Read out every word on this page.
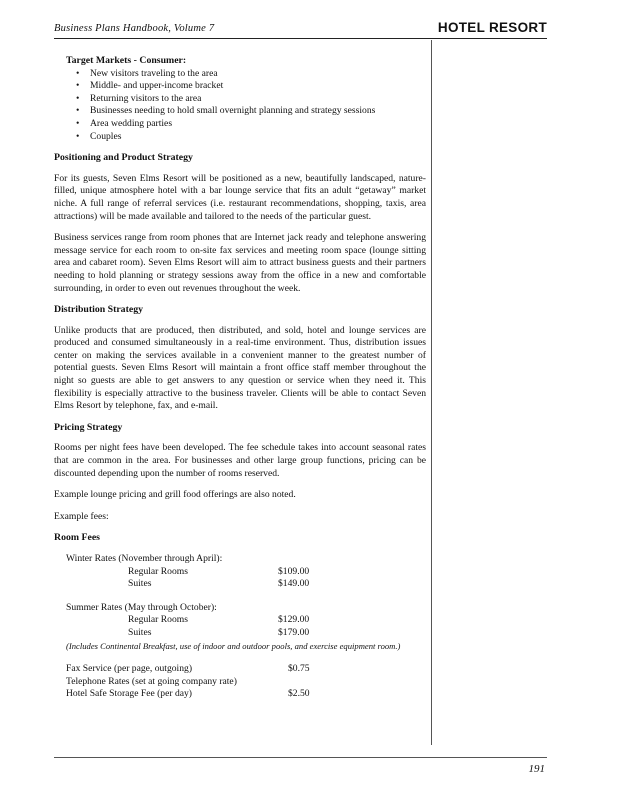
Business Plans Handbook, Volume 7	HOTEL RESORT
Target Markets - Consumer:
• New visitors traveling to the area
• Middle- and upper-income bracket
• Returning visitors to the area
• Businesses needing to hold small overnight planning and strategy sessions
• Area wedding parties
• Couples
Positioning and Product Strategy

For its guests, Seven Elms Resort will be positioned as a new, beautifully landscaped, nature-filled, unique atmosphere hotel with a bar lounge service that fits an adult “getaway” market niche. A full range of referral services (i.e. restaurant recommendations, shopping, taxis, area attractions) will be made available and tailored to the needs of the particular guest.

Business services range from room phones that are Internet jack ready and telephone answering message service for each room to on-site fax services and meeting room space (lounge sitting area and cabaret room). Seven Elms Resort will aim to attract business guests and their partners needing to hold planning or strategy sessions away from the office in a new and comfortable surrounding, in order to even out revenues throughout the week.

Distribution Strategy

Unlike products that are produced, then distributed, and sold, hotel and lounge services are produced and consumed simultaneously in a real-time environment. Thus, distribution issues center on making the services available in a convenient manner to the greatest number of potential guests. Seven Elms Resort will maintain a front office staff member throughout the night so guests are able to get answers to any question or service when they need it. This flexibility is especially attractive to the business traveler. Clients will be able to contact Seven Elms Resort by telephone, fax, and e-mail.

Pricing Strategy

Rooms per night fees have been developed. The fee schedule takes into account seasonal rates that are common in the area. For businesses and other large group functions, pricing can be discounted depending upon the number of rooms reserved.

Example lounge pricing and grill food offerings are also noted.

Example fees:

Room Fees
Winter Rates (November through April):
Regular Rooms	$109.00
Suites	$149.00
Summer Rates (May through October):
Regular Rooms	$129.00
Suites	$179.00
(Includes Continental Breakfast, use of indoor and outdoor pools, and exercise equipment room.)
Fax Service (per page, outgoing)	$0.75
Telephone Rates (set at going company rate)
Hotel Safe Storage Fee (per day)	$2.50
191
